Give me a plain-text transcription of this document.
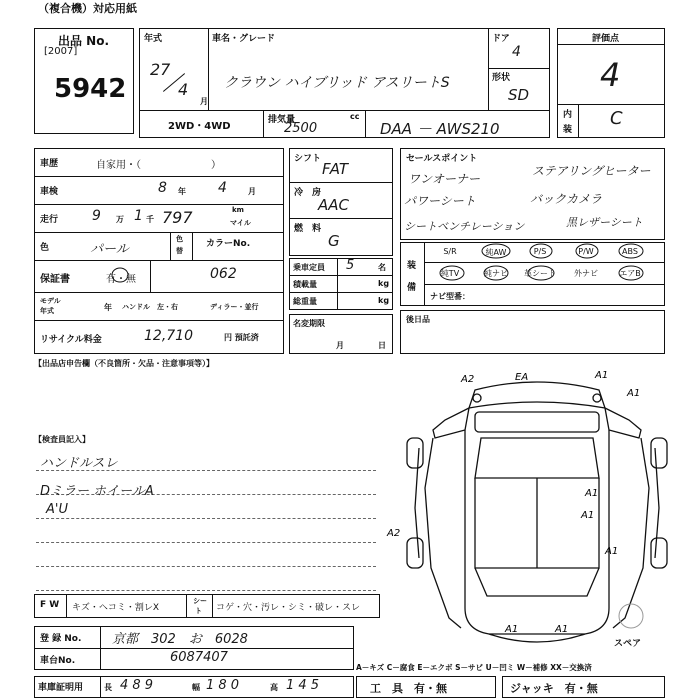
（複合機）対応用紙
出品 No.
[2007]
5942
年式
27
4
月
車名・グレード
クラウン ハイブリッド アスリートS
ドア
4
形状
SD
2WD・4WD
排気量
2500
cc
DAA － AWS210
評価点
4
内
装
C
車歴	自家用・（　　　　　　　）
車検	8 年 4	月
走行 9 万 1 千 797	km
マイル
色	パール
色
替
カラーNo.
保証書	有・無	062
モデル
年式	年 ハンドル　左・右	ディラー・並行
リサイクル料金	12,710	円 預託済
シフト
FAT
冷　房
AAC
燃　料
G
乗車定員 5	名
積載量	kg
総重量	kg
名変期限
月	日
セールスポイント
ワンオーナー
ステアリングヒーター
パワーシート	バックカメラ
シートベンチレーション	黒レザーシート
装
備
S/R	純AW	P/S	P/W	ABS
純TV	純ナビ	革シート	外ナビ	エアB
ナビ型番：
後日品
【出品店申告欄（不良箇所・欠品・注意事項等）】
【検査員記入】
ハンドルスレ
Dミラー ホイールA
A'U
A2	EA	A1
A1
A1
A1
A1
A2
A1	A1
スペア
F W キズ・ヘコミ・割レX
シー
ト コゲ・穴・汚レ・シミ・破レ・スレ
登 録 No. 京都　302　お　6028
車台No.	6087407
車庫証明用	長 4 8 9	幅 1 8 0	高 1 4 5
A－キズ C－腐食 E－エクボ S－サビ U－凹ミ W－補修 XX－交換済
工　具　有・無	ジャッキ　有・無
